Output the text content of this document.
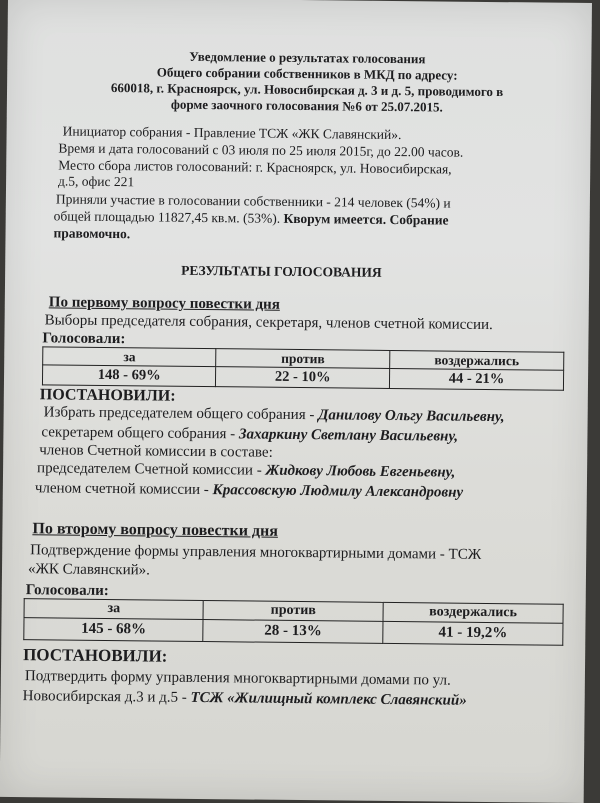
Уведомление о результатах голосования
Общего собрании собственников в МКД по адресу:
660018, г. Красноярск, ул. Новосибирская д. 3 и д. 5, проводимого в
форме заочного голосования №6 от 25.07.2015.
Инициатор собрания - Правление ТСЖ «ЖК Славянский».
Время и дата голосований с 03 июля по 25 июля 2015г, до 22.00 часов.
Место сбора листов голосований: г. Красноярск, ул. Новосибирская,
д.5, офис 221
Приняли участие в голосовании собственники - 214 человек (54%) и
общей площадью 11827,45 кв.м. (53%). Кворум имеется. Собрание
правомочно.
РЕЗУЛЬТАТЫ ГОЛОСОВАНИЯ
По первому вопросу повестки дня
Выборы председателя собрания, секретаря, членов счетной комиссии.
Голосовали:
за	против	воздержались
148 - 69%	22 - 10%	44 - 21%
ПОСТАНОВИЛИ:
Избрать председателем общего собрания - Данилову Ольгу Васильевну,
секретарем общего собрания - Захаркину Светлану Васильевну,
членов Счетной комиссии в составе:
председателем Счетной комиссии - Жидкову Любовь Евгеньевну,
членом счетной комиссии - Крассовскую Людмилу Александровну
По второму вопросу повестки дня
Подтверждение формы управления многоквартирными домами - ТСЖ
«ЖК Славянский».
Голосовали:
за	против	воздержались
145 - 68%	28 - 13%	41 - 19,2%
ПОСТАНОВИЛИ:
Подтвердить форму управления многоквартирными домами по ул.
Новосибирская д.3 и д.5 - ТСЖ «Жилищный комплекс Славянский»
